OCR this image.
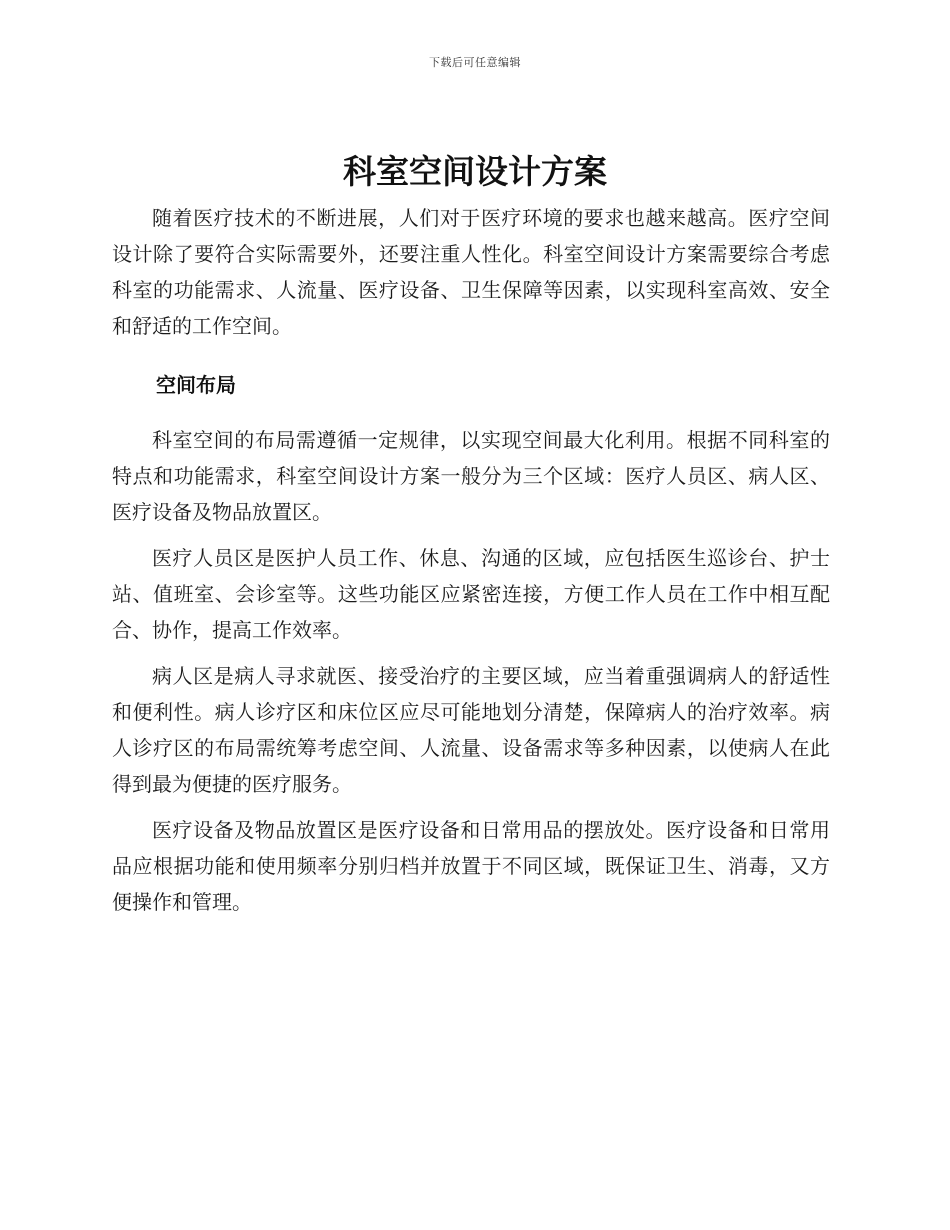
下载后可任意编辑
科室空间设计方案

随着医疗技术的不断进展，人们对于医疗环境的要求也越来越高。医疗空间设计除了要符合实际需要外，还要注重人性化。科室空间设计方案需要综合考虑科室的功能需求、人流量、医疗设备、卫生保障等因素，以实现科室高效、安全和舒适的工作空间。

空间布局

科室空间的布局需遵循一定规律，以实现空间最大化利用。根据不同科室的特点和功能需求，科室空间设计方案一般分为三个区域：医疗人员区、病人区、医疗设备及物品放置区。

医疗人员区是医护人员工作、休息、沟通的区域，应包括医生巡诊台、护士站、值班室、会诊室等。这些功能区应紧密连接，方便工作人员在工作中相互配合、协作，提高工作效率。

病人区是病人寻求就医、接受治疗的主要区域，应当着重强调病人的舒适性和便利性。病人诊疗区和床位区应尽可能地划分清楚，保障病人的治疗效率。病人诊疗区的布局需统筹考虑空间、人流量、设备需求等多种因素，以使病人在此得到最为便捷的医疗服务。

医疗设备及物品放置区是医疗设备和日常用品的摆放处。医疗设备和日常用品应根据功能和使用频率分别归档并放置于不同区域，既保证卫生、消毒，又方便操作和管理。
